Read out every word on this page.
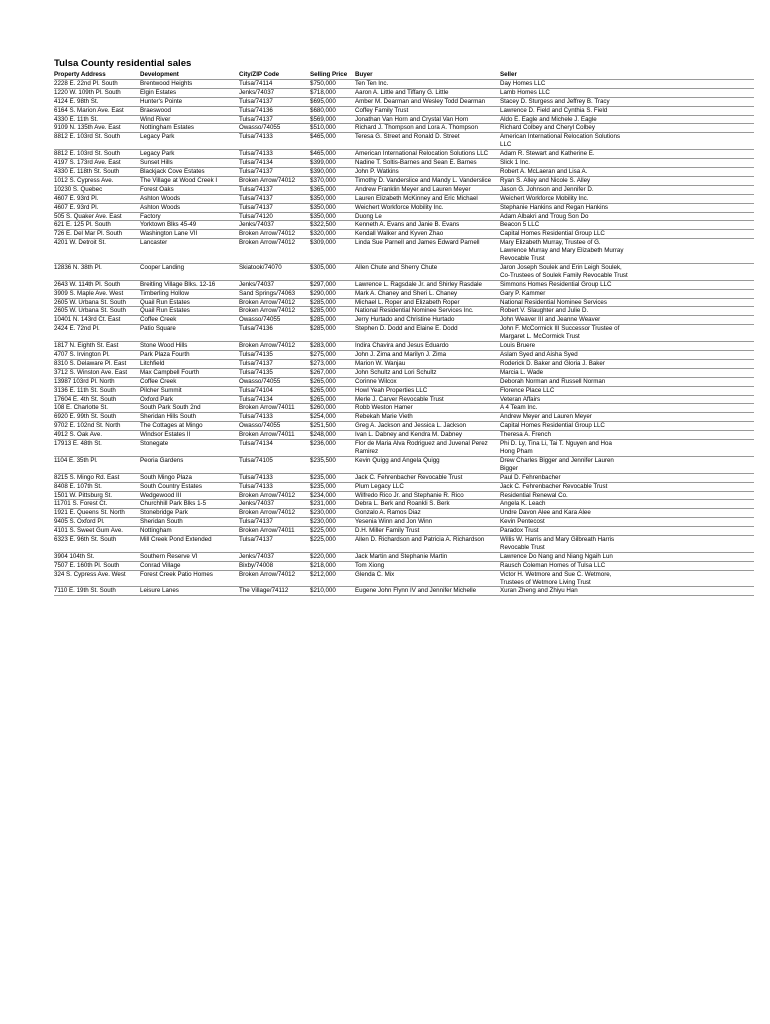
Tulsa County residential sales
Property Address	Development	City/ZIP Code	Selling Price	Buyer	Seller
2228 E. 22nd Pl. South	Brentwood Heights	Tulsa/74114	$750,000	Ten Ten Inc.	Day Homes LLC

1220 W. 109th Pl. South	Elgin Estates	Jenks/74037	$718,000	Aaron A. Little and Tiffany G. Little	Lamb Homes LLC

4124 E. 98th St.	Hunter's Pointe	Tulsa/74137	$695,000	Amber M. Dearman and Wesley Todd Dearman	Stacey D. Sturgess and Jeffrey B. Tracy

6164 S. Marion Ave. East	Braeswood	Tulsa/74136	$680,000	Coffey Family Trust	Lawrence D. Field and Cynthia S. Field

4330 E. 11th St.	Wind River	Tulsa/74137	$569,000	Jonathan Van Horn and Crystal Van Horn	Aldo E. Eagle and Michele J. Eagle

9109 N. 135th Ave. East	Nottingham Estates	Owasso/74055	$510,000	Richard J. Thompson and Lora A. Thompson	Richard Colbey and Cheryl Colbey

8812 E. 103rd St. South	Legacy Park	Tulsa/74133	$465,000	Teresa G. Street and Ronald D. Street	American International Relocation Solutions LLC

8812 E. 103rd St. South	Legacy Park	Tulsa/74133	$465,000	American International Relocation Solutions LLC	Adam R. Stewart and Katherine E.

4197 S. 173rd Ave. East	Sunset Hills	Tulsa/74134	$399,000	Nadine T. Soltis-Barnes and Sean E. Barnes	Slick 1 Inc.

4330 E. 118th St. South	Blackjack Cove Estates	Tulsa/74137	$390,000	John P. Watkins	Robert A. McLaeran and Lisa A.

1012 S. Cypress Ave.	The Village at Wood Creek I	Broken Arrow/74012	$370,000	Timothy D. Vanderslice and Mandy L. Vanderslice	Ryan S. Alley and Nicole S. Alley

10230 S. Quebec	Forest Oaks	Tulsa/74137	$365,000	Andrew Franklin Meyer and Lauren Meyer	Jason G. Johnson and Jennifer D.

4607 E. 93rd Pl.	Ashton Woods	Tulsa/74137	$350,000	Lauren Elizabeth McKinney and Eric Michael	Weichert Workforce Mobility Inc.

4607 E. 93rd Pl.	Ashton Woods	Tulsa/74137	$350,000	Weichert Workforce Mobility Inc.	Stephanie Hankins and Regan Hankins

505 S. Quaker Ave. East	Factory	Tulsa/74120	$350,000	Duong Le	Adam Albakri and Troug Son Do

621 E. 125 Pl. South	Yorktown Blks 45-49	Jenks/74037	$322,500	Kenneth A. Evans and Janie B. Evans	Beacon 5 LLC

726 E. Del Mar Pl. South	Washington Lane VII	Broken Arrow/74012	$320,000	Kendall Walker and Kyven Zhao	Capital Homes Residential Group LLC

4201 W. Detroit St.	Lancaster	Broken Arrow/74012	$309,000	Linda Sue Parnell and James Edward Parnell	Mary Elizabeth Murray, Trustee of G. Lawrence Murray and Mary Elizabeth Murray Revocable Trust

12836 N. 38th Pl.	Cooper Landing	Skiatook/74070	$305,000	Allen Chute and Sherry Chute	Jaron Joseph Soulek and Erin Leigh Soulek, Co-Trustees of Soulek Family Revocable Trust

2643 W. 114th Pl. South	Breitling Village Blks. 12-16	Jenks/74037	$297,000	Lawrence L. Ragsdale Jr. and Shirley Rasdale	Simmons Homes Residential Group LLC

3909 S. Maple Ave. West	Timberling Hollow	Sand Springs/74063	$290,000	Mark A. Chaney and Sheri L. Chaney	Gary P. Kammer

2605 W. Urbana St. South	Quail Run Estates	Broken Arrow/74012	$285,000	Michael L. Roper and Elizabeth Roper	National Residential Nominee Services

2605 W. Urbana St. South	Quail Run Estates	Broken Arrow/74012	$285,000	National Residential Nominee Services Inc.	Robert V. Slaughter and Julie D.

10401 N. 143rd Ct. East	Coffee Creek	Owasso/74055	$285,000	Jerry Hurtado and Christine Hurtado	John Weaver III and Jeanne Weaver

2424 E. 72nd Pl.	Patio Square	Tulsa/74136	$285,000	Stephen D. Dodd and Elaine E. Dodd	John F. McCormick III Successor Trustee of Margaret L. McCormick Trust

1817 N. Eighth St. East	Stone Wood Hills	Broken Arrow/74012	$283,000	Indira Chavira and Jesus Eduardo	Louis Bruere

4707 S. Irvington Pl.	Park Plaza Fourth	Tulsa/74135	$275,000	John J. Zima and Marilyn J. Zima	Aslam Syed and Aisha Syed

8310 S. Delaware Pl. East	Litchfield	Tulsa/74137	$273,000	Marion W. Wanjau	Roderick D. Baker and Gloria J. Baker

3712 S. Winston Ave. East	Max Campbell Fourth	Tulsa/74135	$267,000	John Schultz and Lori Schultz	Marcia L. Wade

13987 103rd Pl. North	Coffee Creek	Owasso/74055	$265,000	Corinne Wilcox	Deborah Norman and Russell Norman

3136 E. 11th St. South	Pilcher Summit	Tulsa/74104	$265,000	Howl Yeah Properties LLC	Florence Place LLC

17604 E. 4th St. South	Oxford Park	Tulsa/74134	$265,000	Merle J. Carver Revocable Trust	Veteran Affairs

108 E. Charlotte St.	South Park South 2nd	Broken Arrow/74011	$260,000	Robb Weston Hamer	A 4 Team Inc.

6920 E. 99th St. South	Sheridan Hills South	Tulsa/74133	$254,000	Rebekah Marie Vieth	Andrew Meyer and Lauren Meyer

9702 E. 102nd St. North	The Cottages at Mingo	Owasso/74055	$251,500	Greg A. Jackson and Jessica L. Jackson	Capital Homes Residential Group LLC

4912 S. Oak Ave.	Windsor Estates II	Broken Arrow/74011	$248,000	Ivan L. Dabney and Kendra M. Dabney	Theresa A. French

17913 E. 48th St.	Stonegate	Tulsa/74134	$236,000	Flor de Maria Alva Rodriguez and Juvenal Perez Ramirez	Phi D. Ly, Tina Li, Tai T. Nguyen and Hoa Hong Pham

1104 E. 35th Pl.	Peoria Gardens	Tulsa/74105	$235,500	Kevin Quigg and Angela Quigg	Drew Charles Bigger and Jennifer Lauren Bigger

8215 S. Mingo Rd. East	South Mingo Plaza	Tulsa/74133	$235,000	Jack C. Fehrenbacher Revocable Trust	Paul D. Fehrenbacher

8408 E. 107th St.	South Country Estates	Tulsa/74133	$235,000	Plum Legacy LLC	Jack C. Fehrenbacher Revocable Trust

1501 W. Pittsburg St.	Wedgewood III	Broken Arrow/74012	$234,000	Wilfredo Rico Jr. and Stephanie R. Rico	Residential Renewal Co.

11701 S. Forest Ct.	Churchhill Park Blks 1-5	Jenks/74037	$231,000	Debra L. Berk and Roankli S. Berk	Angela K. Leach

1921 E. Queens St. North	Stonebridge Park	Broken Arrow/74012	$230,000	Gonzalo A. Ramos Diaz	Undre Davon Alee and Kara Alee

9405 S. Oxford Pl.	Sheridan South	Tulsa/74137	$230,000	Yesenia Winn and Jon Winn	Kevin Pentecost

4101 S. Sweet Gum Ave.	Nottingham	Broken Arrow/74011	$225,000	D.H. Miller Family Trust	Paradox Trust

6323 E. 96th St. South	Mill Creek Pond Extended	Tulsa/74137	$225,000	Allen D. Richardson and Patricia A. Richardson	Willis W. Harris and Mary Gilbreath Harris Revocable Trust

3904 104th St.	Southern Reserve VI	Jenks/74037	$220,000	Jack Martin and Stephanie Martin	Lawrence Do Nang and Niang Ngaih Lun

7507 E. 160th Pl. South	Conrad Village	Bixby/74008	$218,000	Tom Xiong	Rausch Coleman Homes of Tulsa LLC

324 S. Cypress Ave. West	Forest Creek Patio Homes	Broken Arrow/74012	$212,000	Glenda C. Mix	Victor H. Wetmore and Sue C. Wetmore, Trustees of Wetmore Living Trust

7110 E. 19th St. South	Leisure Lanes	The Village/74112	$210,000	Eugene John Flynn IV and Jennifer Michelle	Xuran Zheng and Zhiyu Han
